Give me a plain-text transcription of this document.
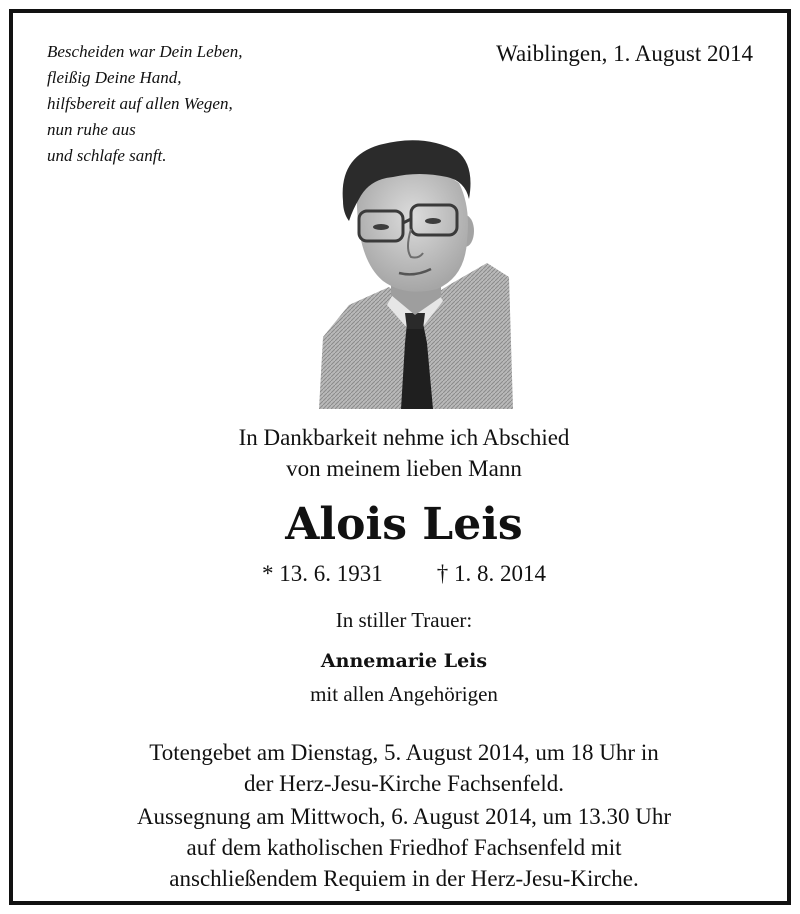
Bescheiden war Dein Leben,
fleißig Deine Hand,
hilfsbereit auf allen Wegen,
nun ruhe aus
und schlafe sanft.
Waiblingen, 1. August 2014
In Dankbarkeit nehme ich Abschied
von meinem lieben Mann
Alois Leis
* 13. 6. 1931 † 1. 8. 2014
In stiller Trauer:
Annemarie Leis
mit allen Angehörigen
Totengebet am Dienstag, 5. August 2014, um 18 Uhr in
der Herz-Jesu-Kirche Fachsenfeld.
Aussegnung am Mittwoch, 6. August 2014, um 13.30 Uhr
auf dem katholischen Friedhof Fachsenfeld mit
anschließendem Requiem in der Herz-Jesu-Kirche.
